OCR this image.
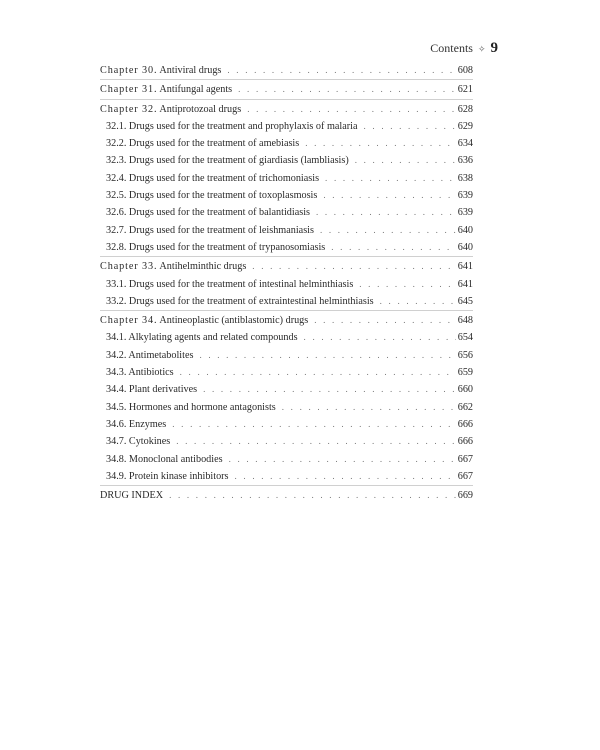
Contents ✧ 9
Chapter 30. Antiviral drugs . . .	608
Chapter 31. Antifungal agents . . .	621
Chapter 32. Antiprotozoal drugs . . .	628
32.1. Drugs used for the treatment and prophylaxis of malaria . . .	629
32.2. Drugs used for the treatment of amebiasis . . .	634
32.3. Drugs used for the treatment of giardiasis (lambliasis) . . .	636
32.4. Drugs used for the treatment of trichomoniasis . . .	638
32.5. Drugs used for the treatment of toxoplasmosis . . .	639
32.6. Drugs used for the treatment of balantidiasis . . .	639
32.7. Drugs used for the treatment of leishmaniasis . . .	640
32.8. Drugs used for the treatment of trypanosomiasis . . .	640
Chapter 33. Antihelminthic drugs . . .	641
33.1. Drugs used for the treatment of intestinal helminthiasis . . .	641
33.2. Drugs used for the treatment of extraintestinal helminthiasis . . .	645
Chapter 34. Antineoplastic (antiblastomic) drugs . . .	648
34.1. Alkylating agents and related compounds . . .	654
34.2. Antimetabolites . . .	656
34.3. Antibiotics . . .	659
34.4. Plant derivatives . . .	660
34.5. Hormones and hormone antagonists . . .	662
34.6. Enzymes . . .	666
34.7. Cytokines . . .	666
34.8. Monoclonal antibodies . . .	667
34.9. Protein kinase inhibitors . . .	667
DRUG INDEX . . .	669
